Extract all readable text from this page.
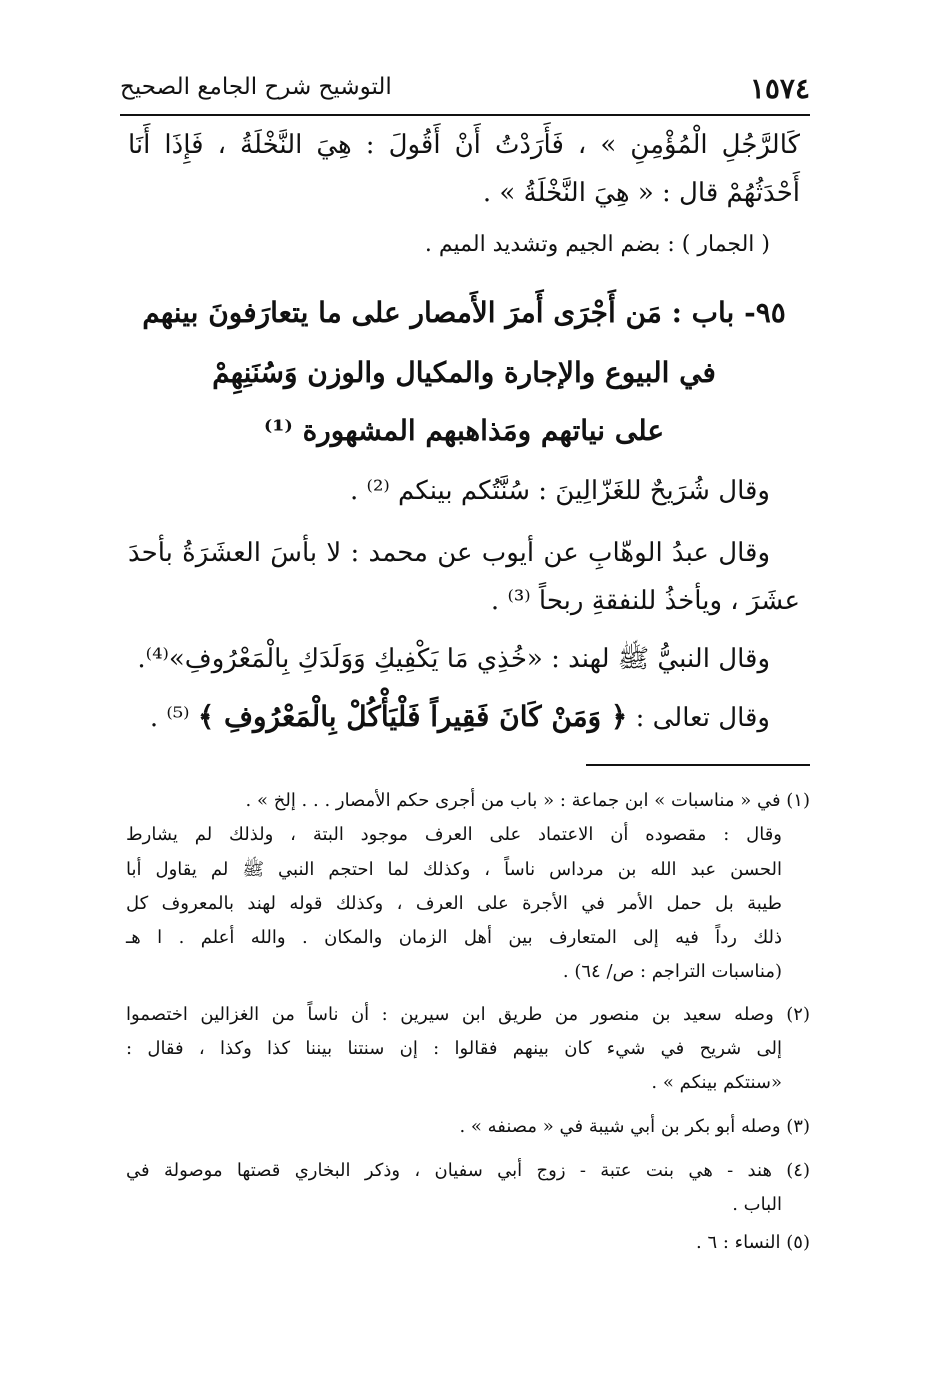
١٥٧٤
التوشيح شرح الجامع الصحيح
كَالرَّجُلِ الْمُؤْمِنِ » ، فَأَرَدْتُ أَنْ أَقُولَ : هِيَ النَّخْلَةُ ، فَإِذَا أَنَا
أَحْدَثُهُمْ قال : « هِيَ النَّخْلَةُ » .
( الجمار ) : بضم الجيم وتشديد الميم .
٩٥- باب : مَن أَجْرَى أَمرَ الأَمصار على ما يتعارَفونَ بينهم
في البيوع والإجارة والمكيال والوزن وَسُنَنِهِمْ
على نياتهم ومَذاهبهم المشهورة ⁽¹⁾
وقال شُرَيحٌ للغَزّالِينَ : سُنَّتُكم بينكم ⁽²⁾ .
وقال عبدُ الوهّابِ عن أيوب عن محمد : لا بأسَ العشَرَةُ بأحدَ
عشَرَ ، ويأخذُ للنفقةِ ربحاً ⁽³⁾ .
وقال النبيُّ ﷺ لهند : «خُذِي مَا يَكْفِيكِ وَوَلَدَكِ بِالْمَعْرُوفِ»⁽⁴⁾.
وقال تعالى : ﴿ وَمَنْ كَانَ فَقِيراً فَلْيَأْكُلْ بِالْمَعْرُوفِ ﴾ ⁽⁵⁾ .
(١) في « مناسبات » ابن جماعة : « باب من أجرى حكم الأمصار . . . إلخ » .
وقال : مقصوده أن الاعتماد على العرف موجود البتة ، ولذلك لم يشارط
الحسن عبد الله بن مرداس ناساً ، وكذلك لما احتجم النبي ﷺ لم يقاول أبا
طيبة بل حمل الأمر في الأجرة على العرف ، وكذلك قوله لهند بالمعروف كل
ذلك رداً فيه إلى المتعارف بين أهل الزمان والمكان . والله أعلم . ا هـ
(مناسبات التراجم : ص/ ٦٤) .
(٢) وصله سعيد بن منصور من طريق ابن سيرين : أن ناساً من الغزالين اختصموا
إلى شريح في شيء كان بينهم فقالوا : إن سنتنا بيننا كذا وكذا ، فقال :
«سنتكم بينكم » .
(٣) وصله أبو بكر بن أبي شيبة في « مصنفه » .
(٤) هند - هي بنت عتبة - زوج أبي سفيان ، وذكر البخاري قصتها موصولة في
الباب .
(٥) النساء : ٦ .
